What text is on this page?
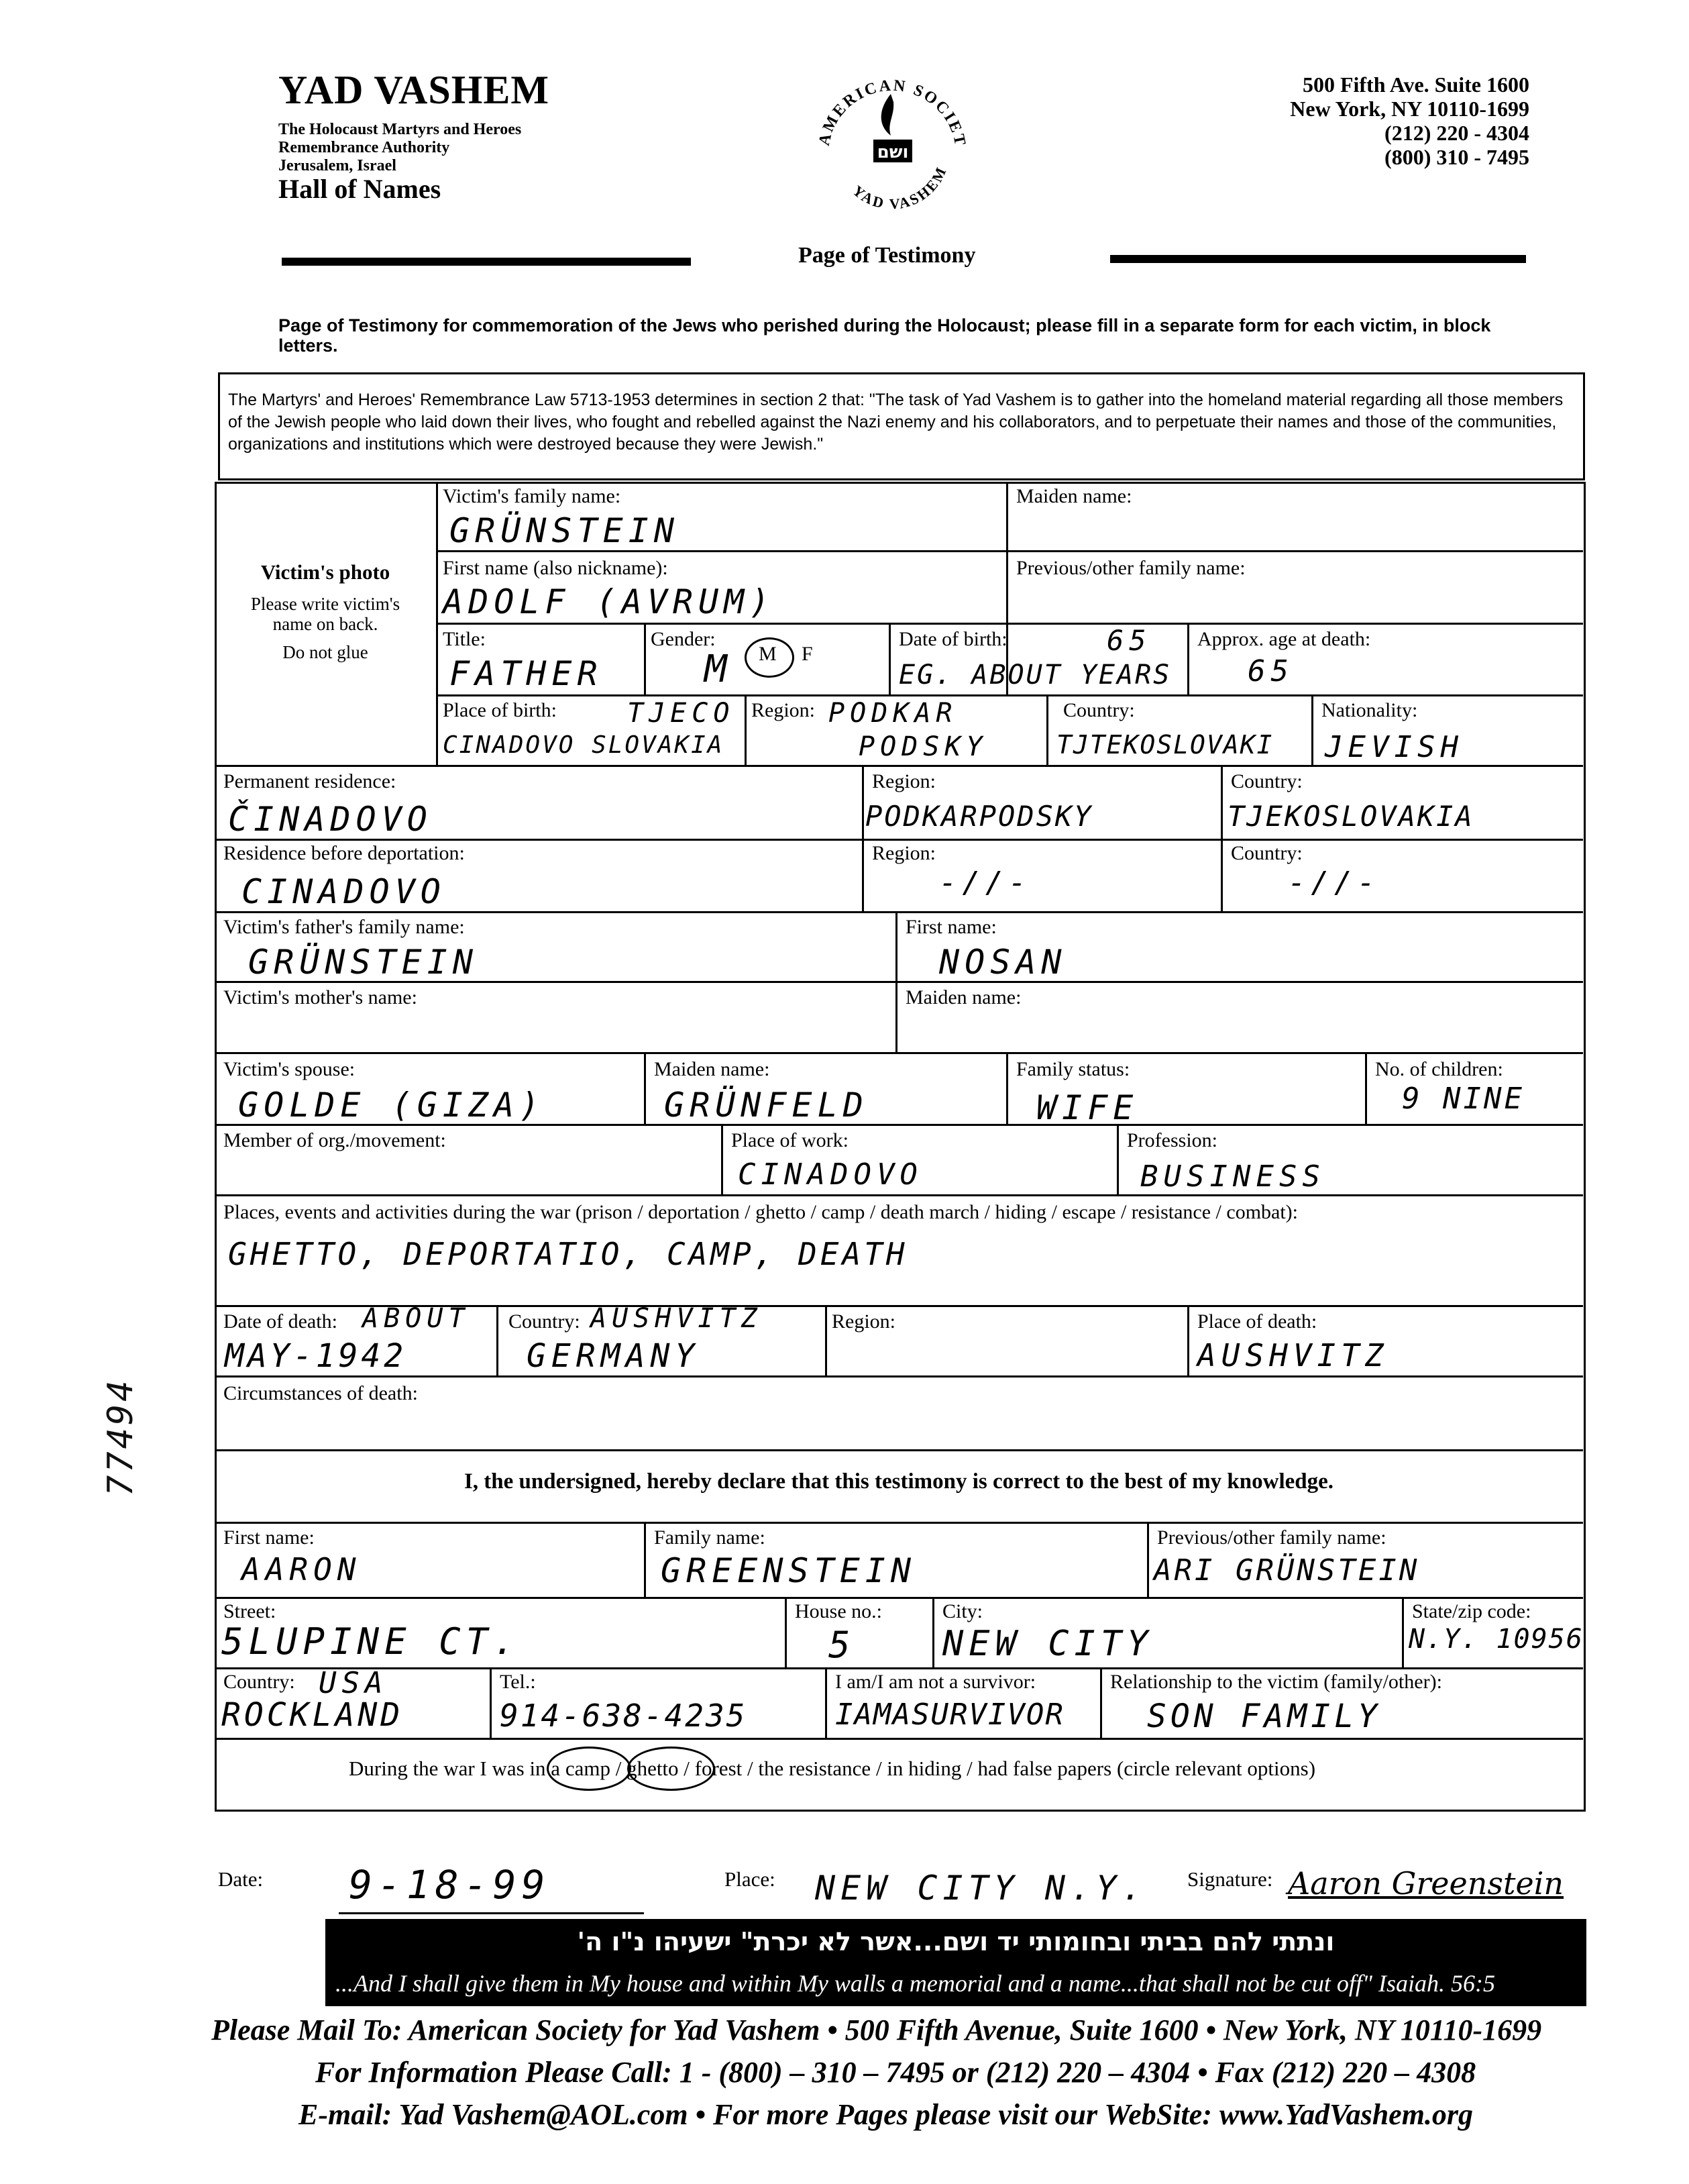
YAD VASHEM
The Holocaust Martyrs and Heroes
Remembrance Authority
Jerusalem, Israel
Hall of Names
AMERICAN SOCIET
YAD VASHEM
ושם
Page of Testimony
500 Fifth Ave. Suite 1600
New York, NY 10110-1699
(212) 220 - 4304
(800) 310 - 7495
Page of Testimony for commemoration of the Jews who perished during the Holocaust; please fill in a separate form for each victim, in block letters.
The Martyrs' and Heroes' Remembrance Law 5713-1953 determines in section 2 that: "The task of Yad Vashem is to gather into the homeland material regarding all those members of the Jewish people who laid down their lives, who fought and rebelled against the Nazi enemy and his collaborators, and to perpetuate their names and those of the communities, organizations and institutions which were destroyed because they were Jewish."
Victim's photo
Please write victim's
name on back.
Do not glue
Victim's family name:
GRÜNSTEIN
Maiden name:
First name (also nickname):
ADOLF (AVRUM)
Previous/other family name:
Title:
FATHER
Gender:
M F
M
Date of birth:	65
EG. ABOUT YEARS
Approx. age at death:
65
Place of birth:	TJECO
CINADOVO SLOVAKIA
Region: PODKAR
PODSKY
Country:
TJTEKOSLOVAKI
Nationality:
JEVISH
Permanent residence:
ČINADOVO
Region:
PODKARPODSKY
Country:
TJEKOSLOVAKIA
Residence before deportation:
CINADOVO
Region:
-//-
Country:
-//-
Victim's father's family name:
GRÜNSTEIN
First name:
NOSAN
Victim's mother's name:	Maiden name:
Victim's spouse:
GOLDE (GIZA)
Maiden name:
GRÜNFELD
Family status:
WIFE
No. of children:
9 NINE
Member of org./movement:	Place of work:
CINADOVO
Profession:
BUSINESS
Places, events and activities during the war (prison / deportation / ghetto / camp / death march / hiding / escape / resistance / combat):
GHETTO, DEPORTATIO, CAMP, DEATH
Date of death: ABOUT
MAY-1942
Country: AUSHVITZ
GERMANY
Region:	Place of death:
AUSHVITZ
Circumstances of death:
I, the undersigned, hereby declare that this testimony is correct to the best of my knowledge.
First name:
AARON
Family name:
GREENSTEIN
Previous/other family name:
ARI GRÜNSTEIN
Street:
5LUPINE CT.
House no.:
5
City:
NEW CITY
State/zip code:
N.Y. 10956
Country: USA
ROCKLAND
Tel.:
914-638-4235
I am/I am not a survivor:
IAMASURVIVOR
Relationship to the victim (family/other):
SON FAMILY
During the war I was in a camp / ghetto / forest / the resistance / in hiding / had false papers (circle relevant options)
77494
Date: 9-18-99	Place: NEW CITY N.Y. Signature: Aaron Greenstein
ונתתי להם בביתי ובחומותי יד ושם...אשר לא יכרת" ישעיהו נ"ו ה'
...And I shall give them in My house and within My walls a memorial and a name...that shall not be cut off" Isaiah. 56:5
Please Mail To: American Society for Yad Vashem • 500 Fifth Avenue, Suite 1600 • New York, NY 10110-1699
For Information Please Call: 1 - (800) – 310 – 7495 or (212) 220 – 4304 • Fax (212) 220 – 4308
E-mail: Yad Vashem@AOL.com • For more Pages please visit our WebSite: www.YadVashem.org
